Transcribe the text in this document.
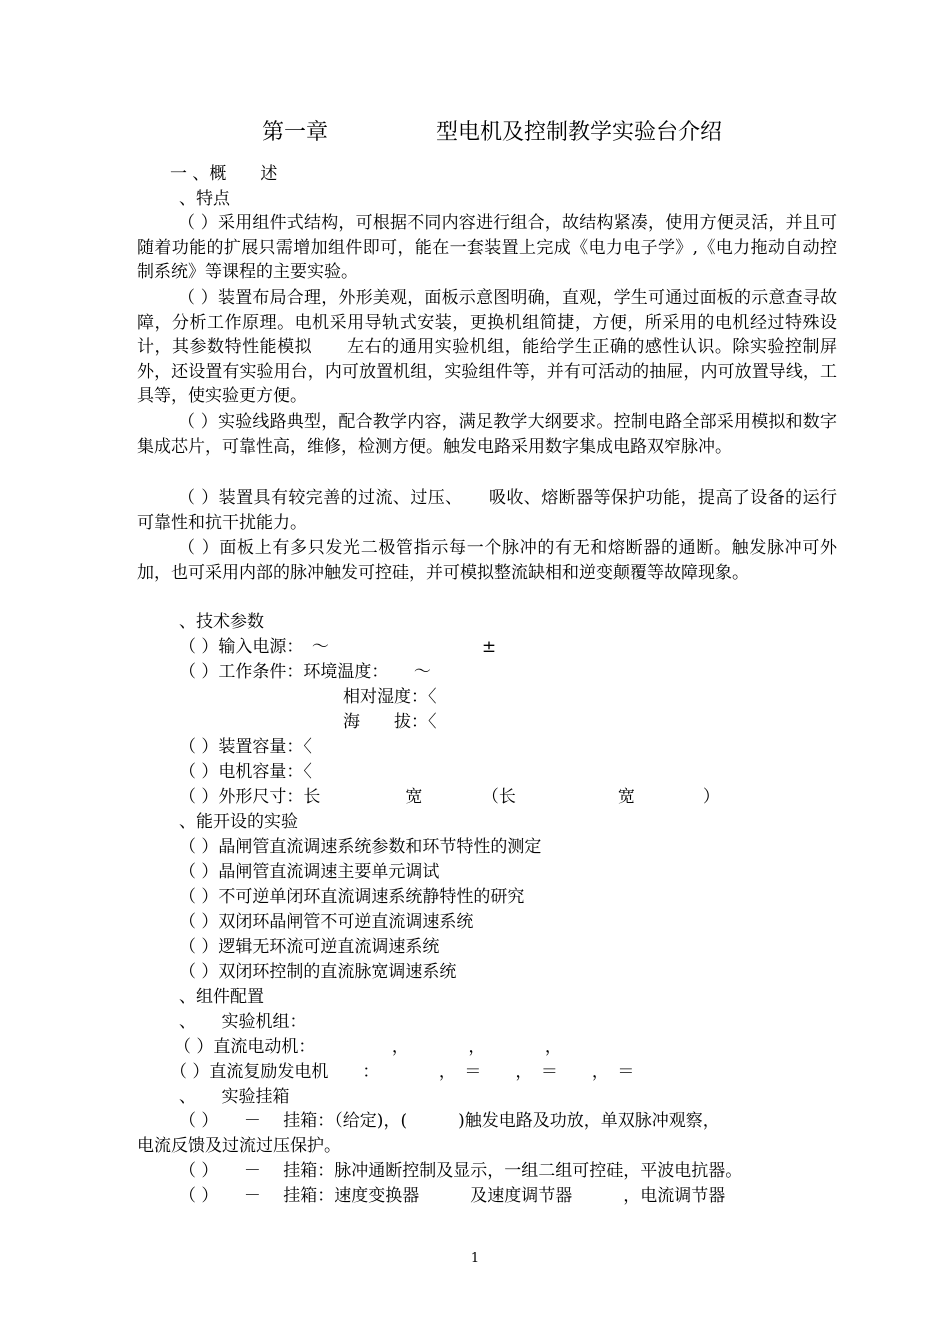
第一章	型电机及控制教学实验台介绍
一 、概　　述
、特点
（ ）采用组件式结构，可根据不同内容进行组合，故结构紧凑，使用方便灵活，并且可随着功能的扩展只需增加组件即可，能在一套装置上完成《电力电子学》,《电力拖动自动控制系统》等课程的主要实验。
（ ）装置布局合理，外形美观，面板示意图明确，直观，学生可通过面板的示意查寻故障，分析工作原理。电机采用导轨式安装，更换机组简捷，方便，所采用的电机经过特殊设计，其参数特性能模拟　　左右的通用实验机组，能给学生正确的感性认识。除实验控制屏外，还设置有实验用台，内可放置机组，实验组件等，并有可活动的抽屉，内可放置导线，工具等，使实验更方便。
（ ）实验线路典型，配合教学内容，满足教学大纲要求。控制电路全部采用模拟和数字集成芯片，可靠性高，维修，检测方便。触发电路采用数字集成电路双窄脉冲。
（ ）装置具有较完善的过流、过压、　　吸收、熔断器等保护功能，提高了设备的运行可靠性和抗干扰能力。
（ ）面板上有多只发光二极管指示每一个脉冲的有无和熔断器的通断。触发脉冲可外加，也可采用内部的脉冲触发可控硅，并可模拟整流缺相和逆变颠覆等故障现象。
、技术参数
（ ）输入电源：　～　　　　　　　　　±
（ ）工作条件：环境温度：　　～
相对湿度：〈
海　　拔：〈
（ ）装置容量：〈
（ ）电机容量：〈
（ ）外形尺寸：长　　　　　宽　　　　（长　　　　　　宽　　　　）
、能开设的实验
（ ）晶闸管直流调速系统参数和环节特性的测定
（ ）晶闸管直流调速主要单元调试
（ ）不可逆单闭环直流调速系统静特性的研究
（ ）双闭环晶闸管不可逆直流调速系统
（ ）逻辑无环流可逆直流调速系统
（ ）双闭环控制的直流脉宽调速系统
、组件配置
、　　实验机组：
（ ）直流电动机：　　　　　，　　　　，　　　　，
（ ）直流复励发电机　　：　　　　，　＝　　，　＝　　，　＝
、　　实验挂箱
（ ）　　－　 挂箱：（给定)，(　　　)触发电路及功放，单双脉冲观察，
电流反馈及过流过压保护。
（ ）　　－　 挂箱：脉冲通断控制及显示，一组二组可控硅，平波电抗器。
（ ）　　－　 挂箱：速度变换器　　　及速度调节器　　　，电流调节器
1
